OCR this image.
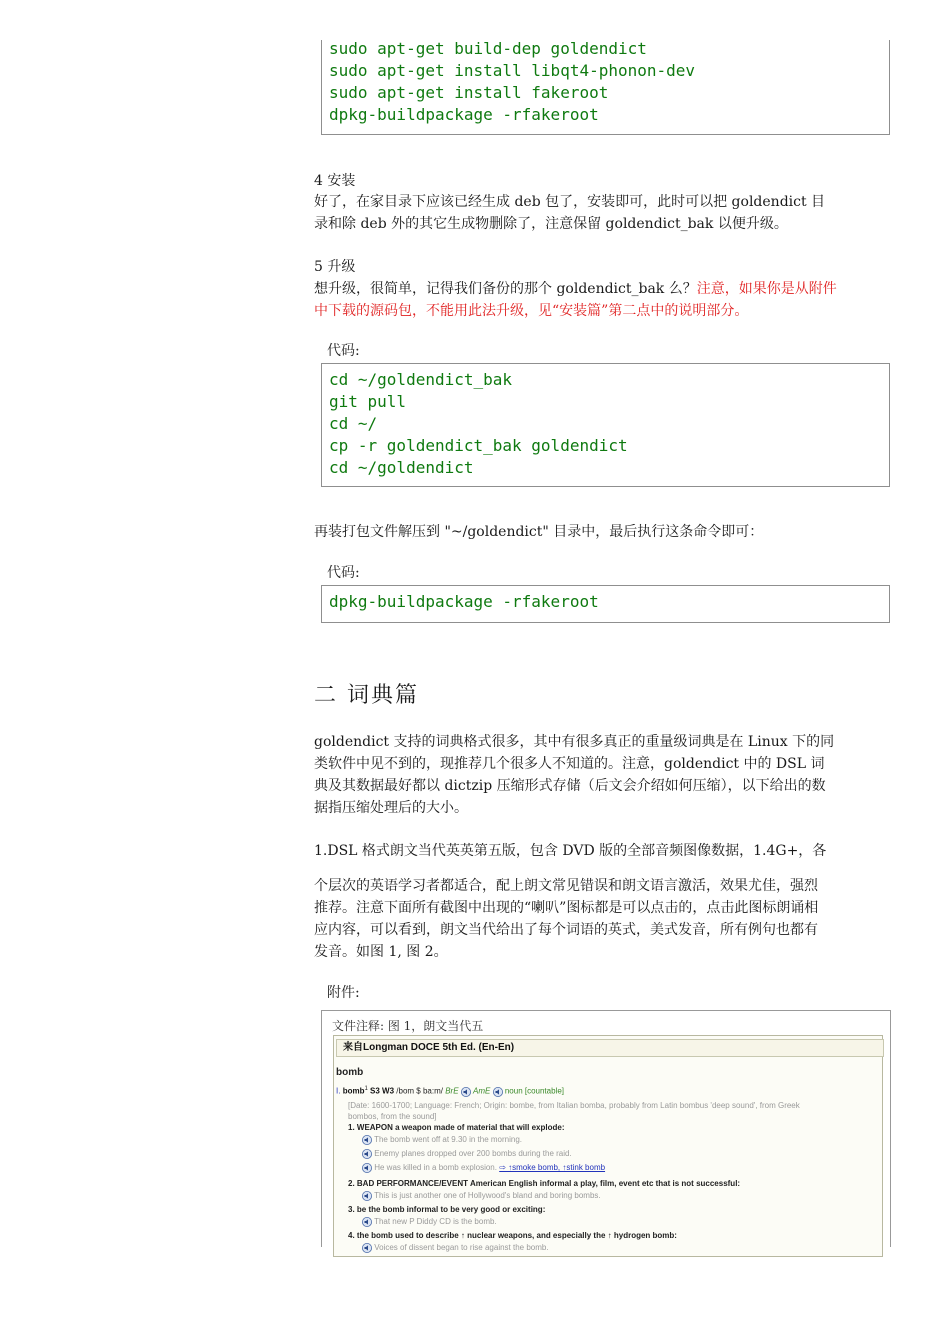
sudo apt-get build-dep goldendict
sudo apt-get install libqt4-phonon-dev
sudo apt-get install fakeroot
dpkg-buildpackage -rfakeroot
4 安装
好了，在家目录下应该已经生成 deb 包了，安装即可，此时可以把 goldendict 目
录和除 deb 外的其它生成物删除了，注意保留 goldendict_bak 以便升级。
5 升级
想升级，很简单，记得我们备份的那个 goldendict_bak 么？注意，如果你是从附件
中下载的源码包，不能用此法升级，见“安装篇”第二点中的说明部分。
代码:
cd ~/goldendict_bak
git pull
cd ~/
cp -r goldendict_bak goldendict
cd ~/goldendict
再装打包文件解压到 "~/goldendict" 目录中，最后执行这条命令即可：
代码:
dpkg-buildpackage -rfakeroot
二 词典篇
goldendict 支持的词典格式很多，其中有很多真正的重量级词典是在 Linux 下的同
类软件中见不到的，现推荐几个很多人不知道的。注意，goldendict 中的 DSL 词
典及其数据最好都以 dictzip 压缩形式存储（后文会介绍如何压缩），以下给出的数
据指压缩处理后的大小。
1.DSL 格式朗文当代英英第五版，包含 DVD 版的全部音频图像数据，1.4G+，各
个层次的英语学习者都适合，配上朗文常见错误和朗文语言激活，效果尤佳，强烈
推荐。注意下面所有截图中出现的“喇叭”图标都是可以点击的，点击此图标朗诵相
应内容，可以看到，朗文当代给出了每个词语的英式，美式发音，所有例句也都有
发音。如图 1, 图 2。
附件:
文件注释: 图 1，朗文当代五
来自Longman DOCE 5th Ed. (En-En)
bomb
I. bomb$^1$ S3 W3 /bom $ ba:m/ BrE AmE noun [countable]
[Date: 1600-1700; Language: French; Origin: bombe, from Italian bomba, probably from Latin bombus 'deep sound', from Greek
bombos, from the sound]
1. WEAPON a weapon made of material that will explode:
The bomb went off at 9.30 in the morning.
Enemy planes dropped over 200 bombs during the raid.
He was killed in a bomb explosion. ⇨ ↑smoke bomb, ↑stink bomb
2. BAD PERFORMANCE/EVENT American English informal a play, film, event etc that is not successful:
This is just another one of Hollywood's bland and boring bombs.
3. be the bomb informal to be very good or exciting:
That new P Diddy CD is the bomb.
4. the bomb used to describe ↑ nuclear weapons, and especially the ↑ hydrogen bomb:
Voices of dissent began to rise against the bomb.
